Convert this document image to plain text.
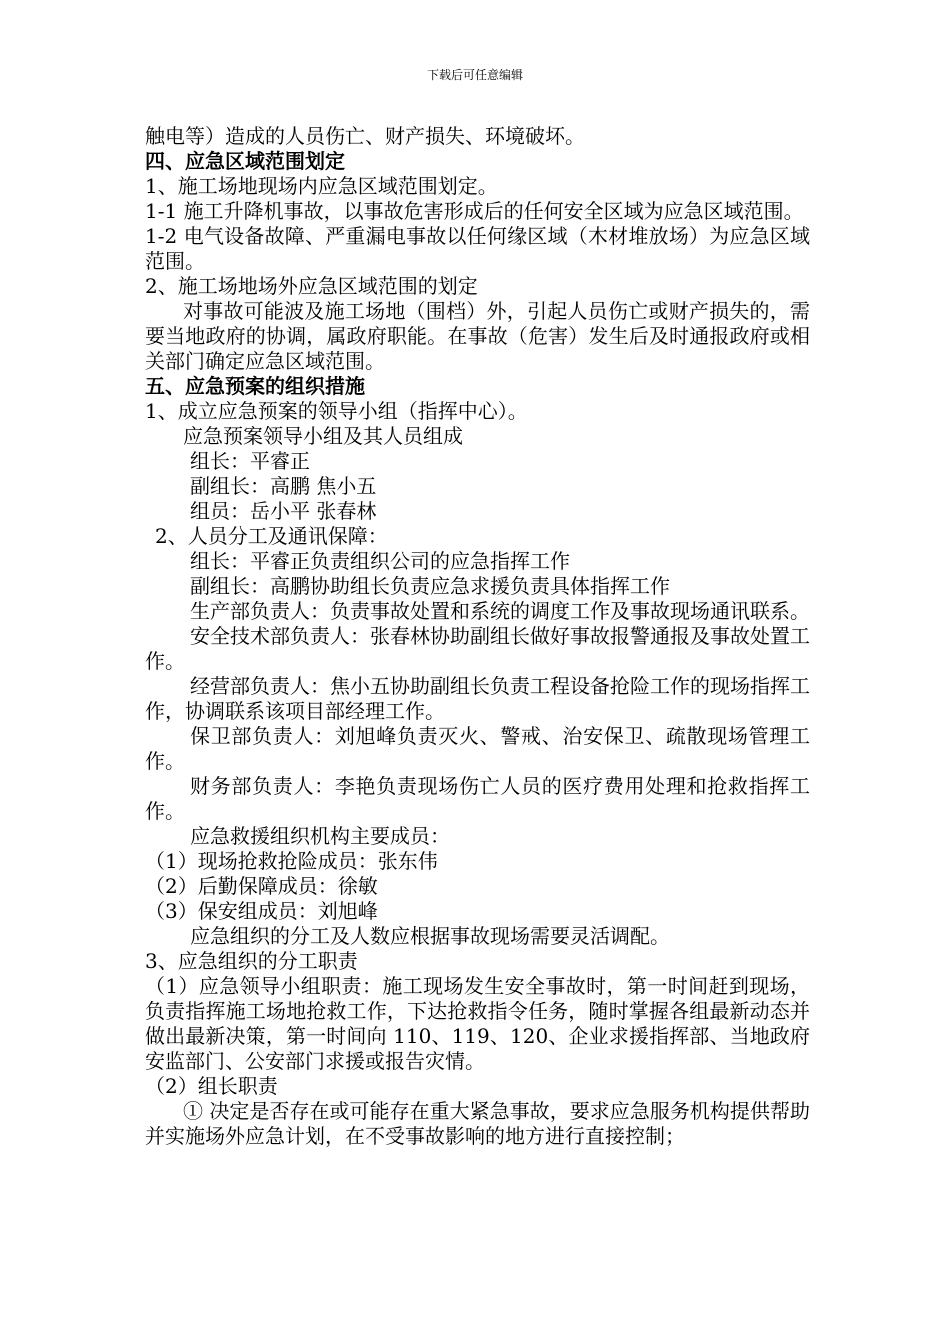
下载后可任意编辑

触电等）造成的人员伤亡、财产损失、环境破坏。

四、应急区域范围划定

1、施工场地现场内应急区域范围划定。

1-1 施工升降机事故，以事故危害形成后的任何安全区域为应急区域范围。

1-2 电气设备故障、严重漏电事故以任何缘区域（木材堆放场）为应急区域范围。

2、施工场地场外应急区域范围的划定

对事故可能波及施工场地（围档）外，引起人员伤亡或财产损失的，需要当地政府的协调，属政府职能。在事故（危害）发生后及时通报政府或相关部门确定应急区域范围。

五、应急预案的组织措施

1、成立应急预案的领导小组（指挥中心）。

应急预案领导小组及其人员组成

组长：平睿正

副组长：高鹏 焦小五

组员：岳小平 张春林

2、人员分工及通讯保障：

组长：平睿正负责组织公司的应急指挥工作

副组长：高鹏协助组长负责应急求援负责具体指挥工作

生产部负责人：负责事故处置和系统的调度工作及事故现场通讯联系。

安全技术部负责人：张春林协助副组长做好事故报警通报及事故处置工作。

经营部负责人：焦小五协助副组长负责工程设备抢险工作的现场指挥工作，协调联系该项目部经理工作。

保卫部负责人：刘旭峰负责灭火、警戒、治安保卫、疏散现场管理工作。

财务部负责人：李艳负责现场伤亡人员的医疗费用处理和抢救指挥工作。

应急救援组织机构主要成员：

（1）现场抢救抢险成员：张东伟

（2）后勤保障成员：徐敏

（3）保安组成员：刘旭峰

应急组织的分工及人数应根据事故现场需要灵活调配。

3、应急组织的分工职责

（1）应急领导小组职责：施工现场发生安全事故时，第一时间赶到现场，负责指挥施工场地抢救工作，下达抢救指令任务，随时掌握各组最新动态并做出最新决策，第一时间向 110、119、120、企业求援指挥部、当地政府安监部门、公安部门求援或报告灾情。

（2）组长职责

① 决定是否存在或可能存在重大紧急事故，要求应急服务机构提供帮助并实施场外应急计划，在不受事故影响的地方进行直接控制；
